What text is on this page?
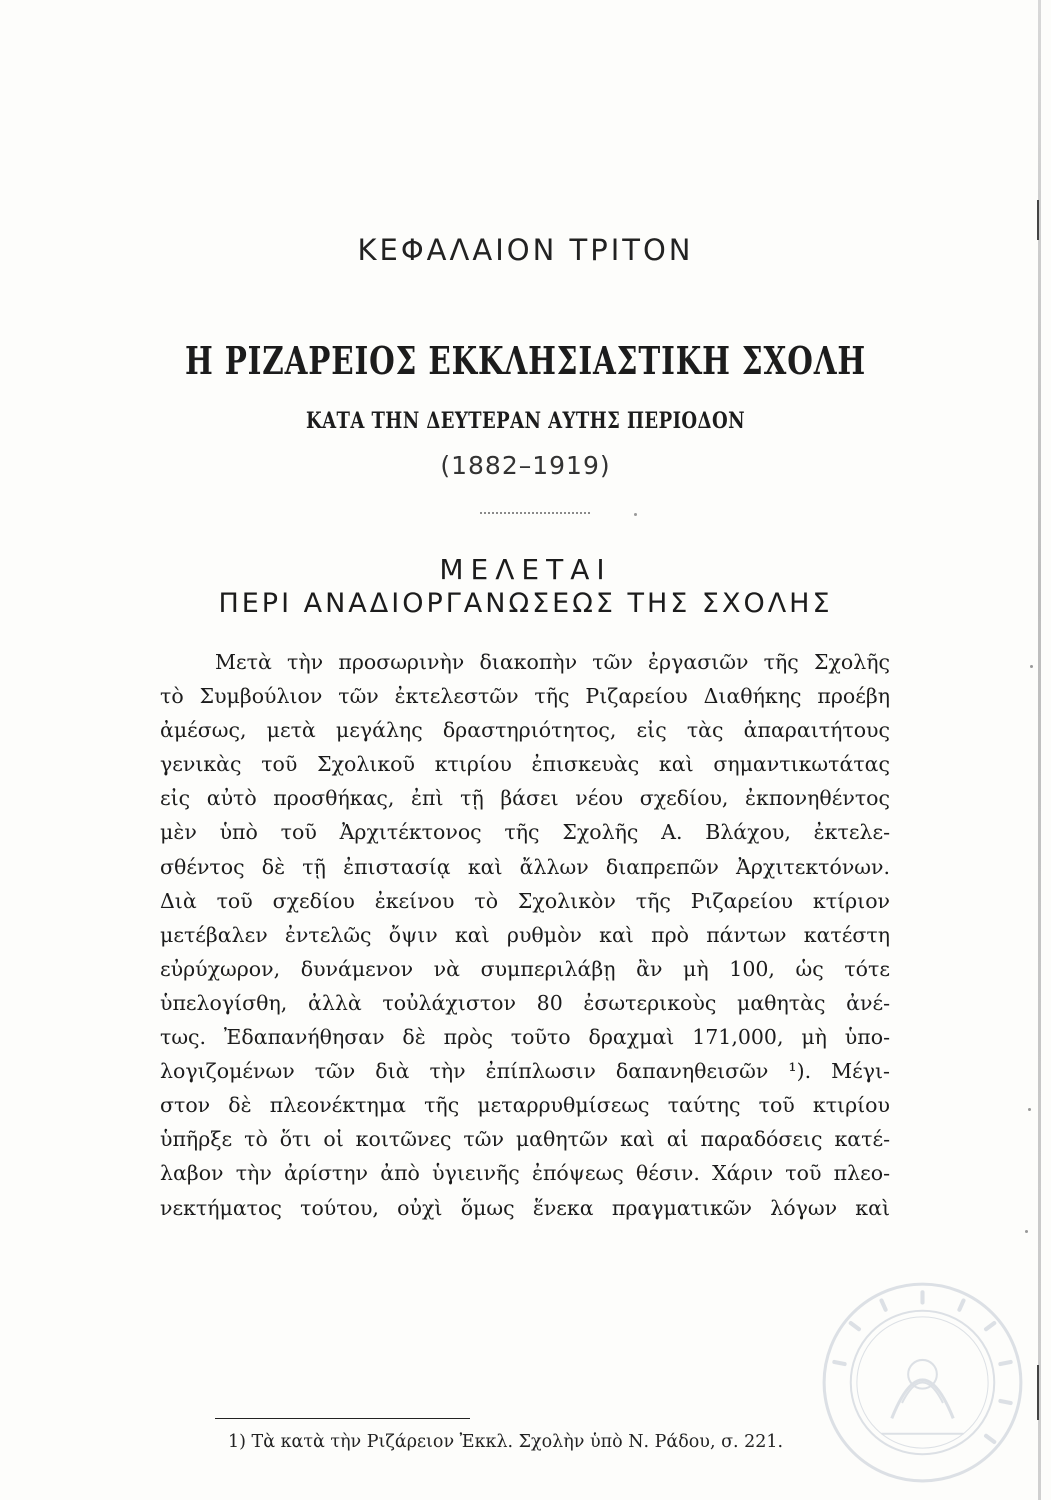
ΚΕΦΑΛΑΙΟΝ ΤΡΙΤΟΝ
Η ΡΙΖΑΡΕΙΟΣ ΕΚΚΛΗΣΙΑΣΤΙΚΗ ΣΧΟΛΗ
ΚΑΤΑ ΤΗΝ ΔΕΥΤΕΡΑΝ ΑΥΤΗΣ ΠΕΡΙΟΔΟΝ
(1882–1919)
ΜΕΛΕΤΑΙ
ΠΕΡΙ ΑΝΑΔΙΟΡΓΑΝΩΣΕΩΣ ΤΗΣ ΣΧΟΛΗΣ
Μετὰ τὴν προσωρινὴν διακοπὴν τῶν ἐργασιῶν τῆς Σχολῆς
τὸ Συμβούλιον τῶν ἐκτελεστῶν τῆς Ριζαρείου Διαθήκης προέβη
ἀμέσως, μετὰ μεγάλης δραστηριότητος, εἰς τὰς ἀπαραιτήτους
γενικὰς τοῦ Σχολικοῦ κτιρίου ἐπισκευὰς καὶ σημαντικωτάτας
εἰς αὐτὸ προσθήκας, ἐπὶ τῇ βάσει νέου σχεδίου, ἐκπονηθέντος
μὲν ὑπὸ τοῦ Ἀρχιτέκτονος τῆς Σχολῆς Α. Βλάχου, ἐκτελε-
σθέντος δὲ τῇ ἐπιστασίᾳ καὶ ἄλλων διαπρεπῶν Ἀρχιτεκτόνων.
Διὰ τοῦ σχεδίου ἐκείνου τὸ Σχολικὸν τῆς Ριζαρείου κτίριον
μετέβαλεν ἐντελῶς ὄψιν καὶ ρυθμὸν καὶ πρὸ πάντων κατέστη
εὐρύχωρον, δυνάμενον νὰ συμπεριλάβῃ ἂν μὴ 100, ὡς τότε
ὑπελογίσθη, ἀλλὰ τοὐλάχιστον 80 ἐσωτερικοὺς μαθητὰς ἀνέ-
τως. Ἐδαπανήθησαν δὲ πρὸς τοῦτο δραχμαὶ 171,000, μὴ ὑπο-
λογιζομένων τῶν διὰ τὴν ἐπίπλωσιν δαπανηθεισῶν ¹). Μέγι-
στον δὲ πλεονέκτημα τῆς μεταρρυθμίσεως ταύτης τοῦ κτιρίου
ὑπῆρξε τὸ ὅτι οἱ κοιτῶνες τῶν μαθητῶν καὶ αἱ παραδόσεις κατέ-
λαβον τὴν ἀρίστην ἀπὸ ὑγιεινῆς ἐπόψεως θέσιν. Χάριν τοῦ πλεο-
νεκτήματος τούτου, οὐχὶ ὅμως ἕνεκα πραγματικῶν λόγων καὶ
1) Τὰ κατὰ τὴν Ριζάρειον Ἐκκλ. Σχολὴν ὑπὸ Ν. Ράδου, σ. 221.
